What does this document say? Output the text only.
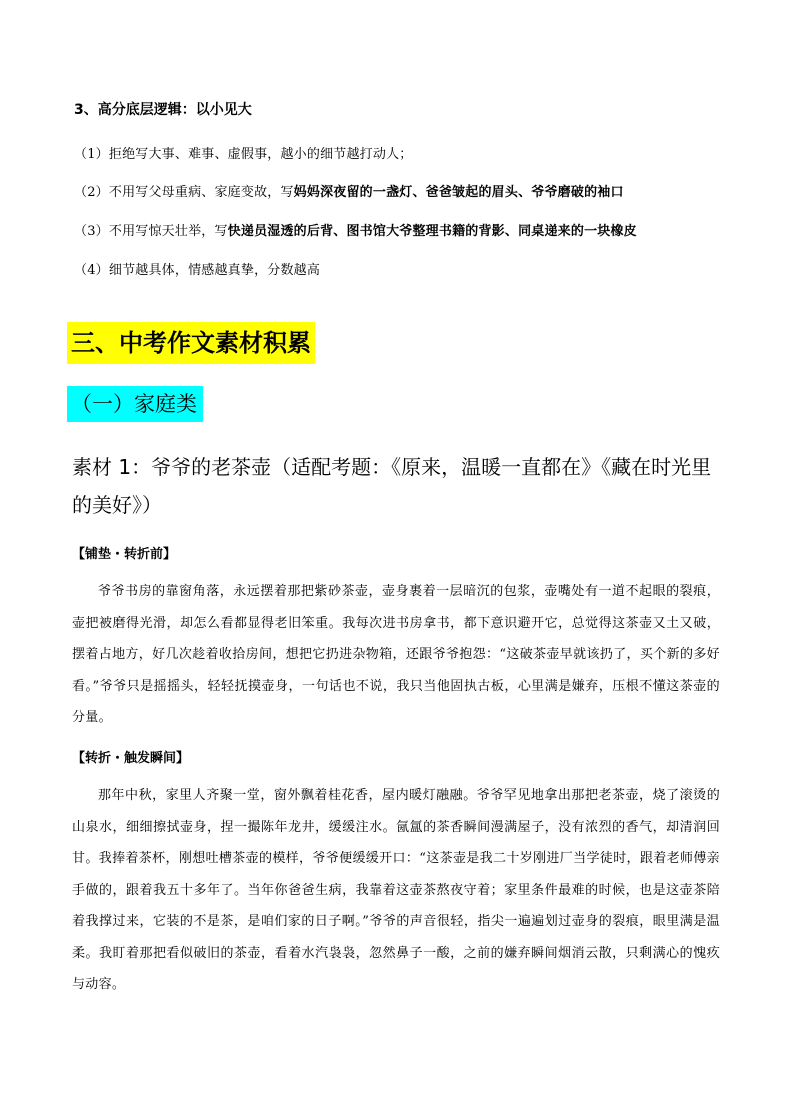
3、高分底层逻辑：以小见大
（1）拒绝写大事、难事、虚假事，越小的细节越打动人；
（2）不用写父母重病、家庭变故，写妈妈深夜留的一盏灯、爸爸皱起的眉头、爷爷磨破的袖口
（3）不用写惊天壮举，写快递员湿透的后背、图书馆大爷整理书籍的背影、同桌递来的一块橡皮
（4）细节越具体，情感越真挚，分数越高
三、中考作文素材积累
（一）家庭类
素材 1：爷爷的老茶壶（适配考题：《原来，温暖一直都在》《藏在时光里的美好》）
【铺垫・转折前】
爷爷书房的靠窗角落，永远摆着那把紫砂茶壶，壶身裹着一层暗沉的包浆，壶嘴处有一道不起眼的裂痕，壶把被磨得光滑，却怎么看都显得老旧笨重。我每次进书房拿书，都下意识避开它，总觉得这茶壶又土又破，摆着占地方，好几次趁着收拾房间，想把它扔进杂物箱，还跟爷爷抱怨：“这破茶壶早就该扔了，买个新的多好看。”爷爷只是摇摇头，轻轻抚摸壶身，一句话也不说，我只当他固执古板，心里满是嫌弃，压根不懂这茶壶的分量。
【转折・触发瞬间】
那年中秋，家里人齐聚一堂，窗外飘着桂花香，屋内暖灯融融。爷爷罕见地拿出那把老茶壶，烧了滚烫的山泉水，细细擦拭壶身，捏一撮陈年龙井，缓缓注水。氤氲的茶香瞬间漫满屋子，没有浓烈的香气，却清润回甘。我捧着茶杯，刚想吐槽茶壶的模样，爷爷便缓缓开口：“这茶壶是我二十岁刚进厂当学徒时，跟着老师傅亲手做的，跟着我五十多年了。当年你爸爸生病，我靠着这壶茶熬夜守着；家里条件最难的时候，也是这壶茶陪着我撑过来，它装的不是茶，是咱们家的日子啊。”爷爷的声音很轻，指尖一遍遍划过壶身的裂痕，眼里满是温柔。我盯着那把看似破旧的茶壶，看着水汽袅袅，忽然鼻子一酸，之前的嫌弃瞬间烟消云散，只剩满心的愧疚与动容。
